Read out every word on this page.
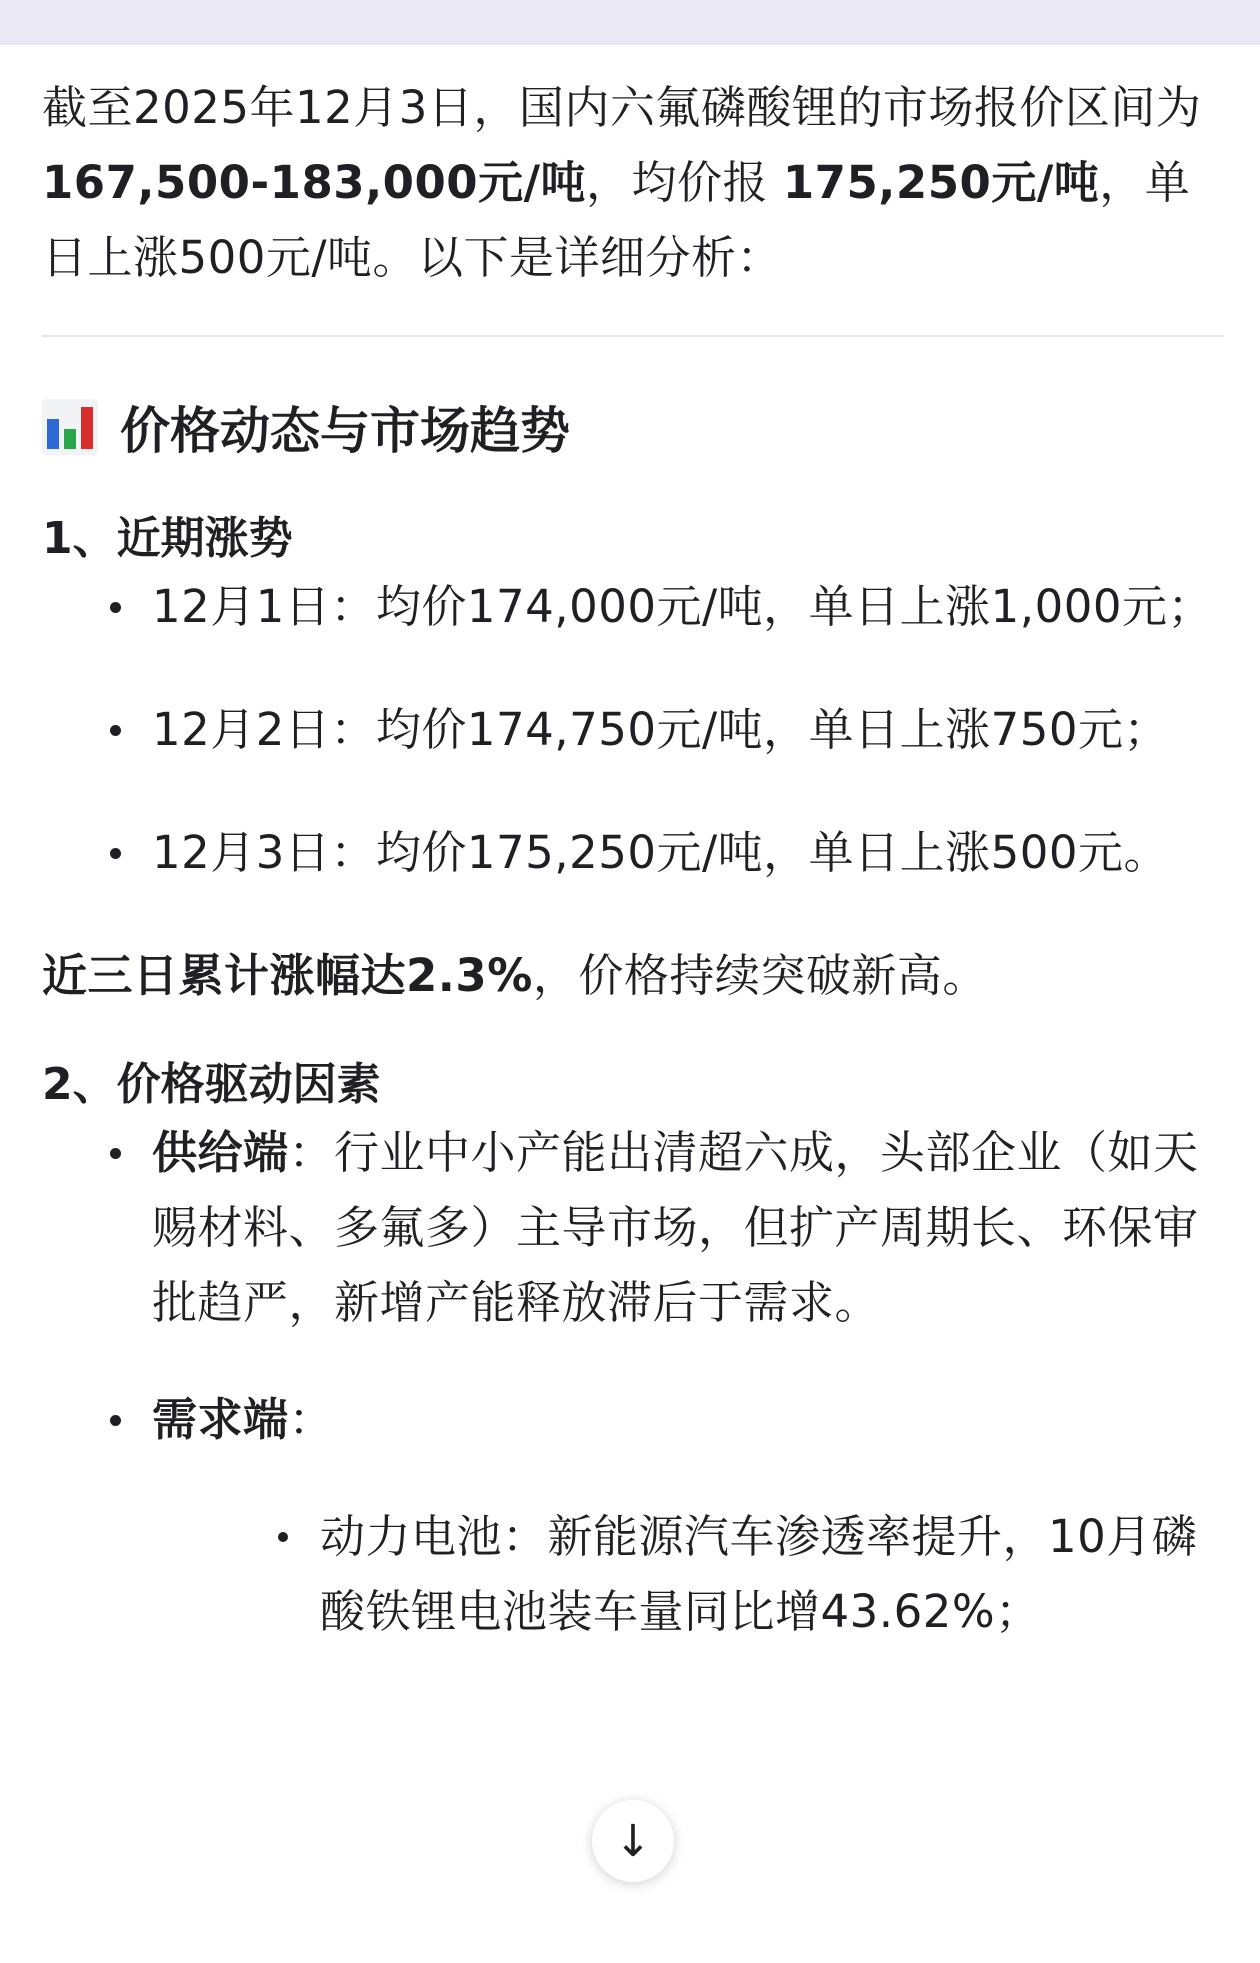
截至2025年12月3日，国内六氟磷酸锂的市场报价区间为 167,500-183,000元/吨，均价报 175,250元/吨，单日上涨500元/吨。以下是详细分析：

价格动态与市场趋势
1、近期涨势
12月1日：均价174,000元/吨，单日上涨1,000元；
12月2日：均价174,750元/吨，单日上涨750元；
12月3日：均价175,250元/吨，单日上涨500元。
近三日累计涨幅达2.3%，价格持续突破新高。
2、价格驱动因素
供给端：行业中小产能出清超六成，头部企业（如天赐材料、多氟多）主导市场，但扩产周期长、环保审批趋严，新增产能释放滞后于需求。
需求端：
动力电池：新能源汽车渗透率提升，10月磷酸铁锂电池装车量同比增43.62%；
↓
